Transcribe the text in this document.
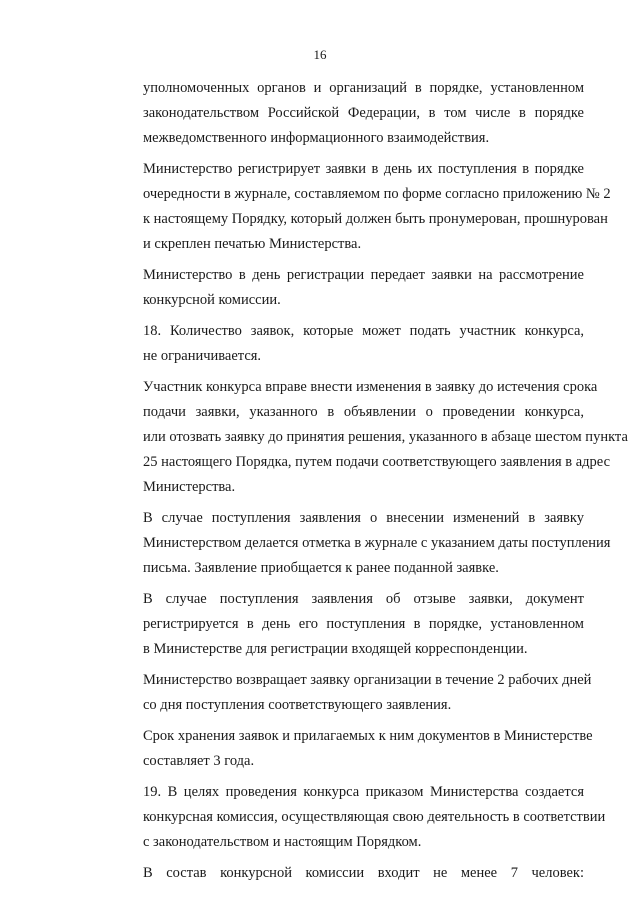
16

уполномоченных органов и организаций в порядке, установленном
законодательством Российской Федерации, в том числе в порядке
межведомственного информационного взаимодействия.

Министерство регистрирует заявки в день их поступления в порядке
очередности в журнале, составляемом по форме согласно приложению № 2
к настоящему Порядку, который должен быть пронумерован, прошнурован
и скреплен печатью Министерства.

Министерство в день регистрации передает заявки на рассмотрение
конкурсной комиссии.

18. Количество заявок, которые может подать участник конкурса,
не ограничивается.

Участник конкурса вправе внести изменения в заявку до истечения срока
подачи заявки, указанного в объявлении о проведении конкурса,
или отозвать заявку до принятия решения, указанного в абзаце шестом пункта
25 настоящего Порядка, путем подачи соответствующего заявления в адрес
Министерства.

В случае поступления заявления о внесении изменений в заявку
Министерством делается отметка в журнале с указанием даты поступления
письма. Заявление приобщается к ранее поданной заявке.

В случае поступления заявления об отзыве заявки, документ
регистрируется в день его поступления в порядке, установленном
в Министерстве для регистрации входящей корреспонденции.

Министерство возвращает заявку организации в течение 2 рабочих дней
со дня поступления соответствующего заявления.

Срок хранения заявок и прилагаемых к ним документов в Министерстве
составляет 3 года.

19. В целях проведения конкурса приказом Министерства создается
конкурсная комиссия, осуществляющая свою деятельность в соответствии
с законодательством и настоящим Порядком.

В состав конкурсной комиссии входит не менее 7 человек:
